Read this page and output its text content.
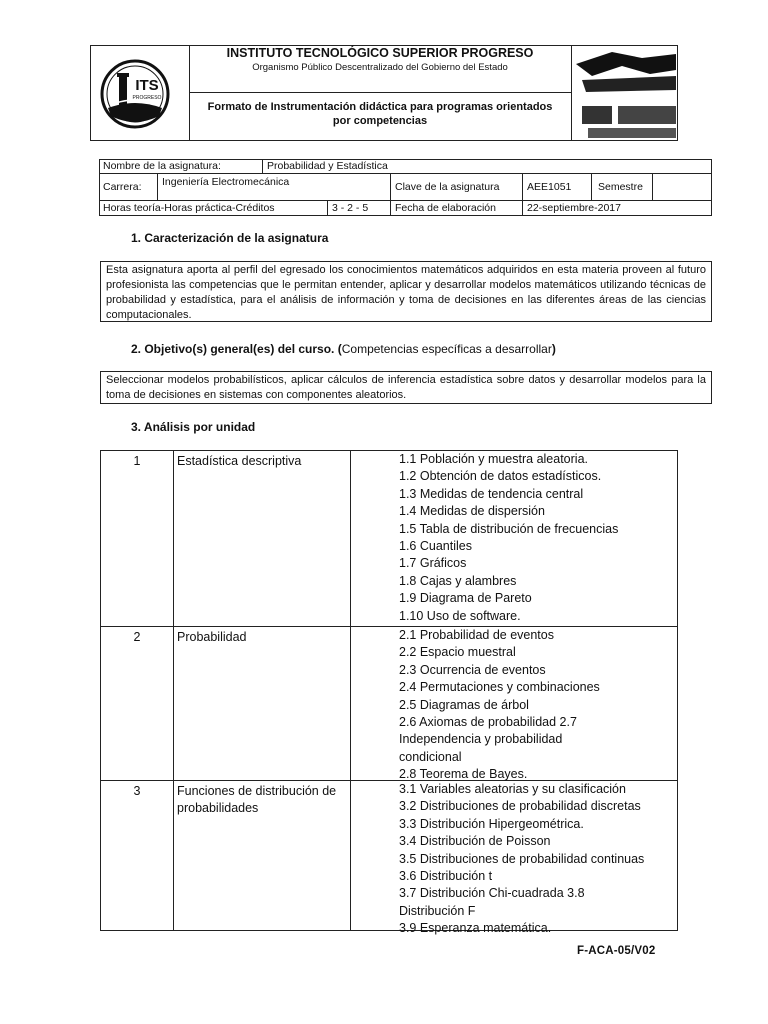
ITS
PROGRESO
INSTITUTO TECNOLÓGICO SUPERIOR PROGRESO
Organismo Público Descentralizado del Gobierno del Estado
Formato de Instrumentación didáctica para programas orientados por competencias
Nombre de la asignatura:	Probabilidad y Estadística
Carrera: Ingeniería Electromecánica	Clave de la asignatura	AEE1051	Semestre
Horas teoría-Horas práctica-Créditos	3 - 2 - 5	Fecha de elaboración	22-septiembre-2017
1. Caracterización de la asignatura
Esta asignatura aporta al perfil del egresado los conocimientos matemáticos adquiridos en esta materia proveen al futuro profesionista las competencias que le permitan entender, aplicar y desarrollar modelos matemáticos utilizando técnicas de probabilidad y estadística, para el análisis de información y toma de decisiones en las diferentes áreas de las ciencias computacionales.
2. Objetivo(s) general(es) del curso. (Competencias específicas a desarrollar)
Seleccionar modelos probabilísticos, aplicar cálculos de inferencia estadística sobre datos y desarrollar modelos para la toma de decisiones en sistemas con componentes aleatorios.
3. Análisis por unidad
1	Estadística descriptiva	1.1 Población y muestra aleatoria.
1.2 Obtención de datos estadísticos.
1.3 Medidas de tendencia central
1.4 Medidas de dispersión
1.5 Tabla de distribución de frecuencias
1.6 Cuantiles
1.7 Gráficos
1.8 Cajas y alambres
1.9 Diagrama de Pareto
1.10 Uso de software.
2	Probabilidad	2.1 Probabilidad de eventos
2.2 Espacio muestral
2.3 Ocurrencia de eventos
2.4 Permutaciones y combinaciones
2.5 Diagramas de árbol
2.6 Axiomas de probabilidad 2.7
Independencia y probabilidad
condicional
2.8 Teorema de Bayes.
3	Funciones de distribución de probabilidades
3.1 Variables aleatorias y su clasificación
3.2 Distribuciones de probabilidad discretas
3.3 Distribución Hipergeométrica.
3.4 Distribución de Poisson
3.5 Distribuciones de probabilidad continuas
3.6 Distribución t
3.7 Distribución Chi-cuadrada 3.8
Distribución F
3.9 Esperanza matemática.
F-ACA-05/V02
